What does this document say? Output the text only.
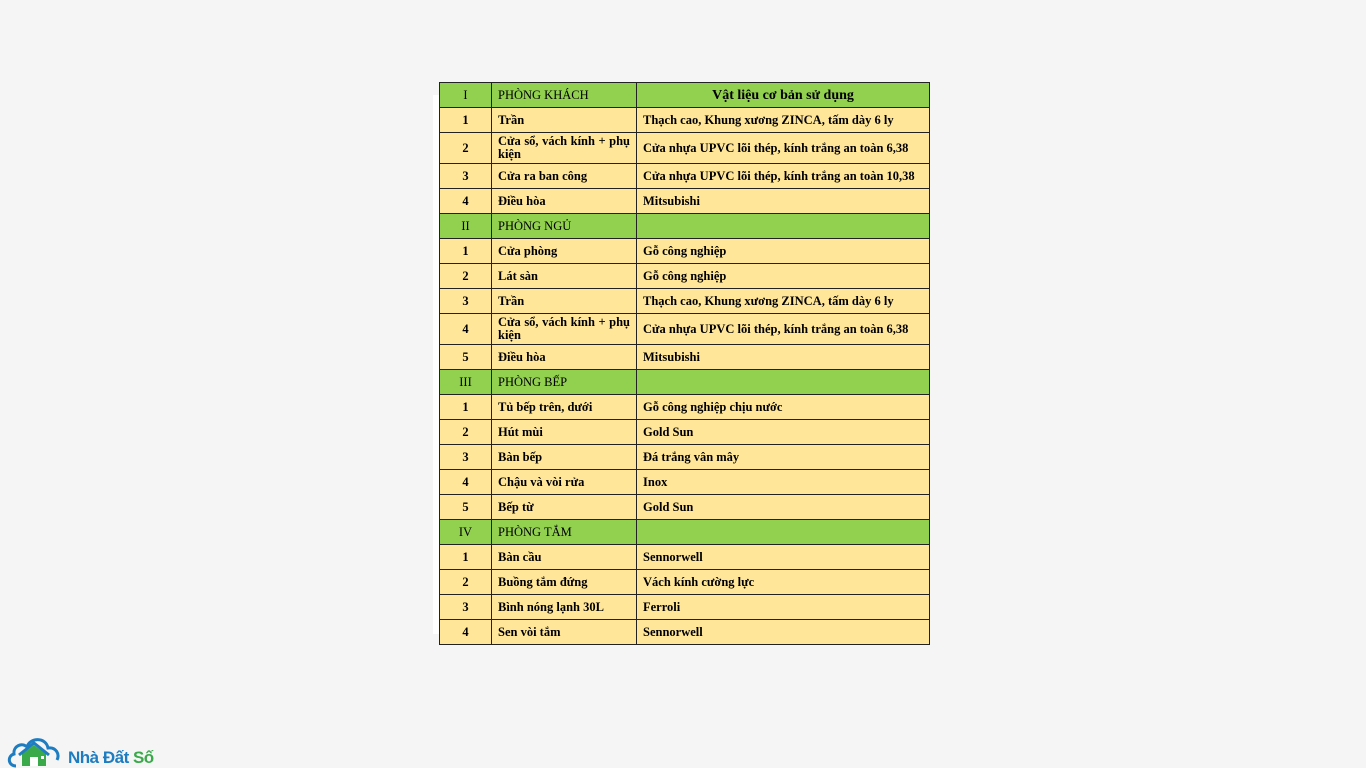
I	PHÒNG KHÁCH	Vật liệu cơ bản sử dụng
1	Trần	Thạch cao, Khung xương ZINCA, tấm dày 6 ly
2	Cửa sổ, vách kính + phụ kiện	Cửa nhựa UPVC lõi thép, kính trắng an toàn 6,38
3	Cửa ra ban công	Cửa nhựa UPVC lõi thép, kính trắng an toàn 10,38
4	Điều hòa	Mitsubishi
II	PHÒNG NGỦ	
1	Cửa phòng	Gỗ công nghiệp
2	Lát sàn	Gỗ công nghiệp
3	Trần	Thạch cao, Khung xương ZINCA, tấm dày 6 ly
4	Cửa sổ, vách kính + phụ kiện	Cửa nhựa UPVC lõi thép, kính trắng an toàn 6,38
5	Điều hòa	Mitsubishi
III	PHÒNG BẾP	
1	Tủ bếp trên, dưới	Gỗ công nghiệp chịu nước
2	Hút mùi	Gold Sun
3	Bàn bếp	Đá trắng vân mây
4	Chậu và vòi rửa	Inox
5	Bếp từ	Gold Sun
IV	PHÒNG TẮM	
1	Bàn cầu	Sennorwell
2	Buồng tắm đứng	Vách kính cường lực
3	Bình nóng lạnh 30L	Ferroli
4	Sen vòi tắm	Sennorwell
Nhà Đất Số
